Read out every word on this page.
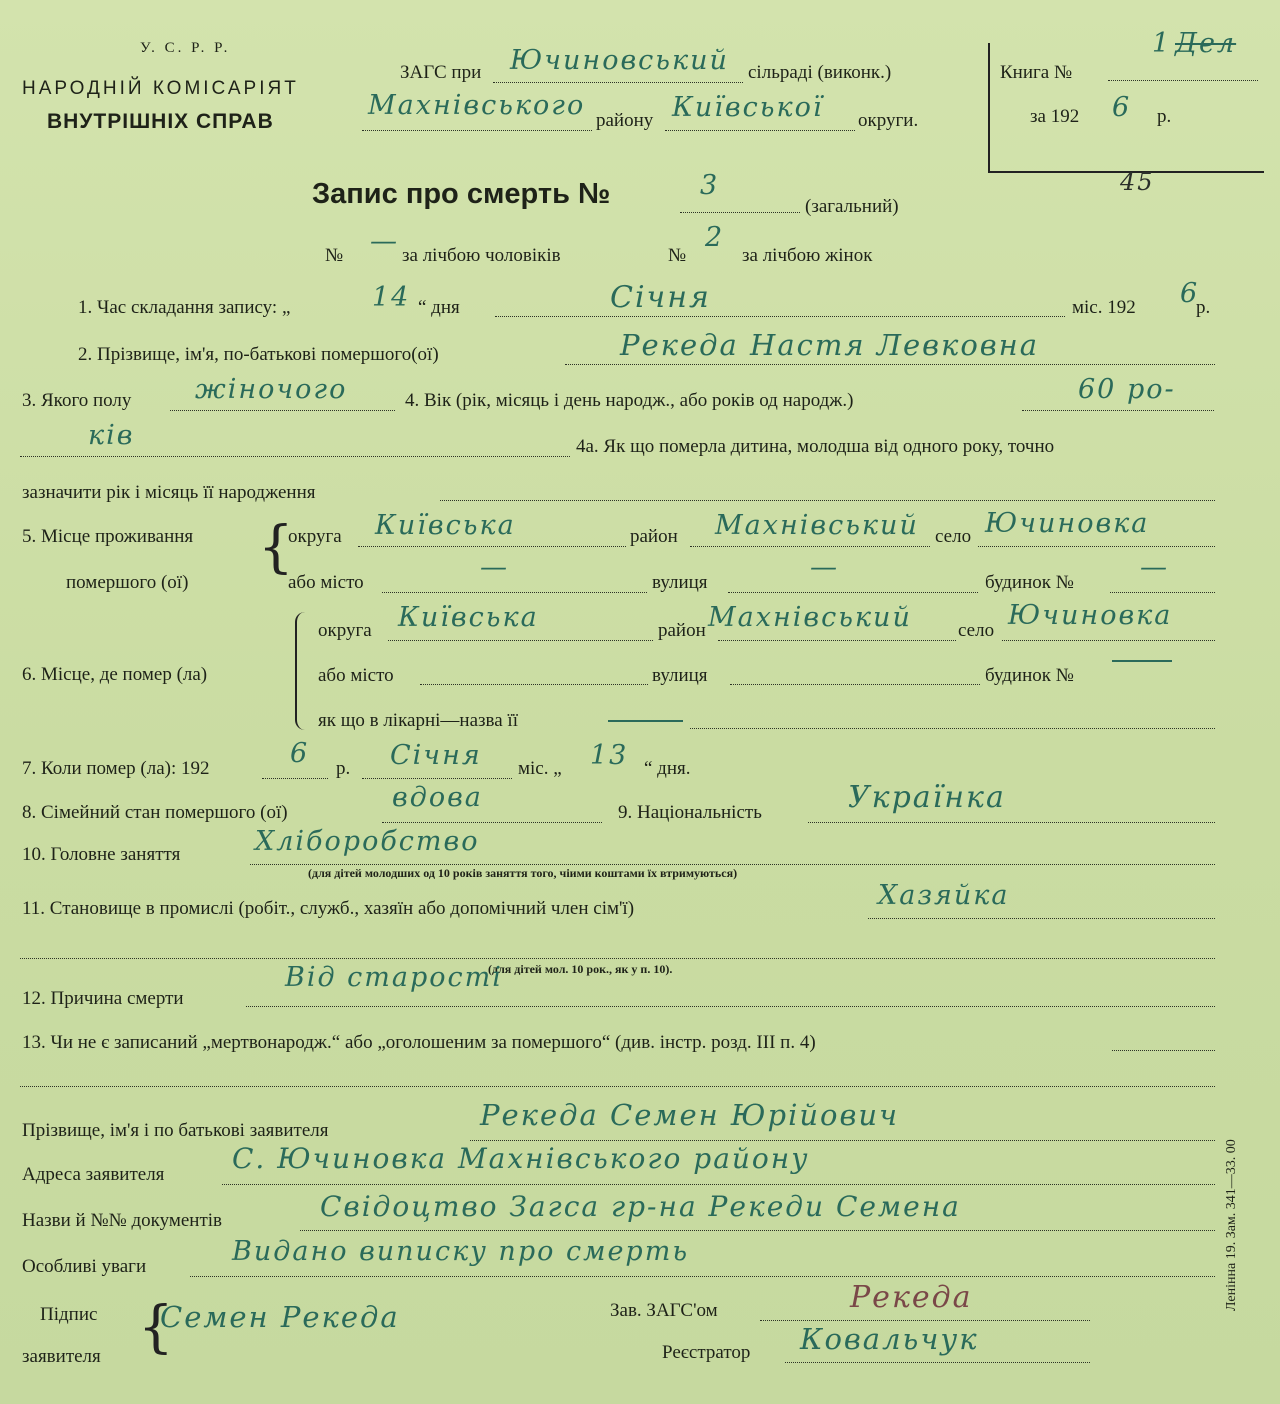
У. С. Р. Р.
НАРОДНІЙ КОМІСАРІЯТ
ВНУТРІШНІХ СПРАВ
ЗАГС при Ючиновський сільраді (виконк.)
Махнівського району Київської округи.
Книга №
1 Дел
за 192 6 р.
45
Запис про смерть №	3
(загальний)
№ — за лічбою чоловіків	№
2
за лічбою жінок
1. Час складання запису: „	14 “ дня	Січня	міс. 192 6
р.
2. Прізвище, ім'я, по-батькові помершого(ої)	Рекеда Настя Левковна
3. Якого полу жіночого	4. Вік (рік, місяць і день народж., або років од народж.)	60 ро-
ків	4а. Як що померла дитина, молодша від одного року, точно
зазначити рік і місяць її народження
5. Місце проживання
помершого (ої)
{
округа Київська	район Махнівський село Ючиновка
або місто	—	вулиця	—	будинок № —
6. Місце, де помер (ла)
округа Київська	район Махнівський село Ючиновка
або місто	вулиця	будинок №
як що в лікарні—назва її
7. Коли помер (ла): 192	6 р. Січня міс. „ 13 “ дня.
8. Сімейний стан помершого (ої)	вдова	9. Національність	Українка
10. Головне заняття	Хліборобство
(для дітей молодших од 10 років заняття того, чіими коштами їх втримуються)
11. Становище в промислі (робіт., служб., хазяїн або допомічний член сім'ї)	Хазяйка
(для дітей мол. 10 рок., як у п. 10).
12. Причина смерти
Від старості
13. Чи не є записаний „мертвонародж.“ або „оголошеним за помершого“ (див. інстр. розд. III п. 4)
Прізвище, ім'я і по батькові заявителя	Рекеда Семен Юрійович
Адреса заявителя С. Ючиновка Махнівського району
Назви й №№ документів	Свідоцтво Загса гр-на Рекеди Семена
Особливі уваги	Видано виписку про смерть
Підпис
заявителя {
Семен Рекеда	Зав. ЗАГС'ом	Рекеда
Реєстратор Ковальчук
Ленінна 19. Зам. 341—33. 00
